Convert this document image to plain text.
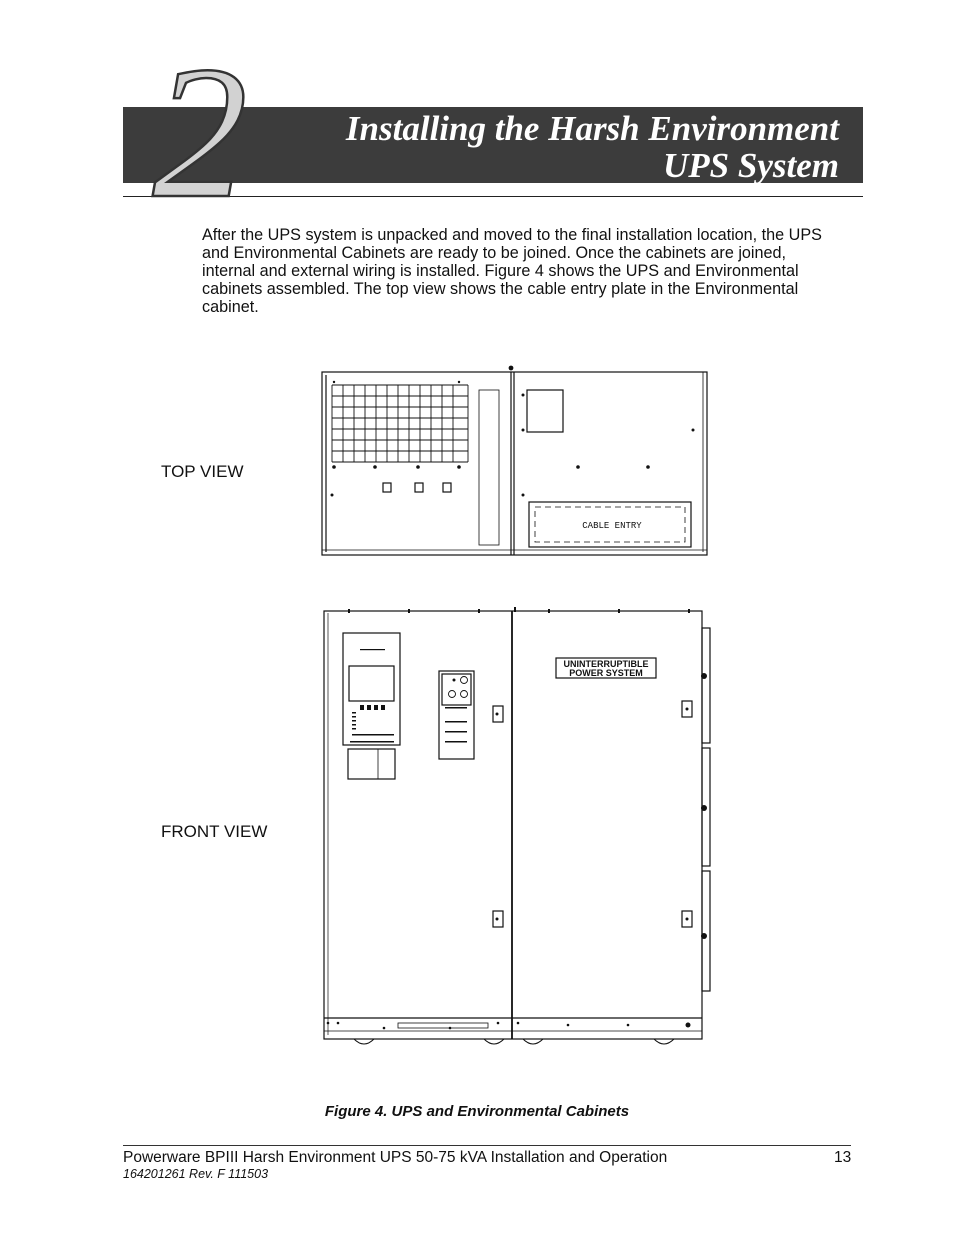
2	Installing the Harsh Environment
UPS System

After the UPS system is unpacked and moved to the final installation location, the UPS and Environmental Cabinets are ready to be joined. Once the cabinets are joined, internal and external wiring is installed. Figure 4 shows the UPS and Environmental cabinets assembled. The top view shows the cable entry plate in the Environmental cabinet.

TOP VIEW
FRONT VIEW
CABLE ENTRY
UNINTERRUPTIBLE
POWER SYSTEM
Figure 4. UPS and Environmental Cabinets
Powerware BPIII Harsh Environment UPS 50-75 kVA Installation and Operation	13
164201261 Rev. F 111503
